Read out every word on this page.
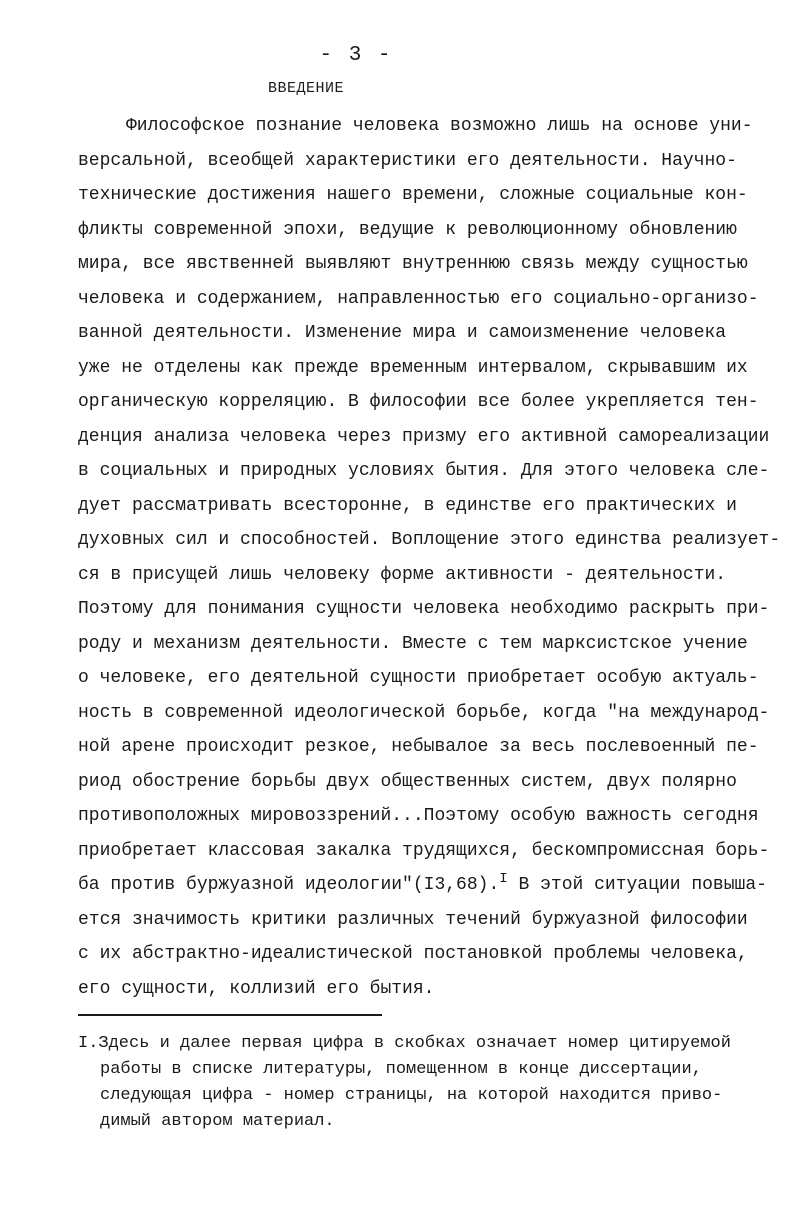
- 3 -
ВВЕДЕНИЕ
Философское познание человека возможно лишь на основе уни-
версальной, всеобщей характеристики его деятельности. Научно-
технические достижения нашего времени, сложные социальные кон-
фликты современной эпохи, ведущие к революционному обновлению
мира, все явственней выявляют внутреннюю связь между сущностью
человека и содержанием, направленностью его социально-организо-
ванной деятельности. Изменение мира и самоизменение человека
уже не отделены как прежде временным интервалом, скрывавшим их
органическую корреляцию. В философии все более укрепляется тен-
денция анализа человека через призму его активной самореализации
в социальных и природных условиях бытия. Для этого человека сле-
дует рассматривать всесторонне, в единстве его практических и
духовных сил и способностей. Воплощение этого единства реализует-
ся в присущей лишь человеку форме активности - деятельности.
Поэтому для понимания сущности человека необходимо раскрыть при-
роду и механизм деятельности. Вместе с тем марксистское учение
о человеке, его деятельной сущности приобретает особую актуаль-
ность в современной идеологической борьбе, когда "на международ-
ной арене происходит резкое, небывалое за весь послевоенный пе-
риод обострение борьбы двух общественных систем, двух полярно
противоположных мировоззрений...Поэтому особую важность сегодня
приобретает классовая закалка трудящихся, бескомпромиссная борь-
ба против буржуазной идеологии"(I3,68).$^I$ В этой ситуации повыша-
ется значимость критики различных течений буржуазной философии
с их абстрактно-идеалистической постановкой проблемы человека,
его сущности, коллизий его бытия.
I.Здесь и далее первая цифра в скобках означает номер цитируемой
работы в списке литературы, помещенном в конце диссертации,
следующая цифра - номер страницы, на которой находится приво-
димый автором материал.
